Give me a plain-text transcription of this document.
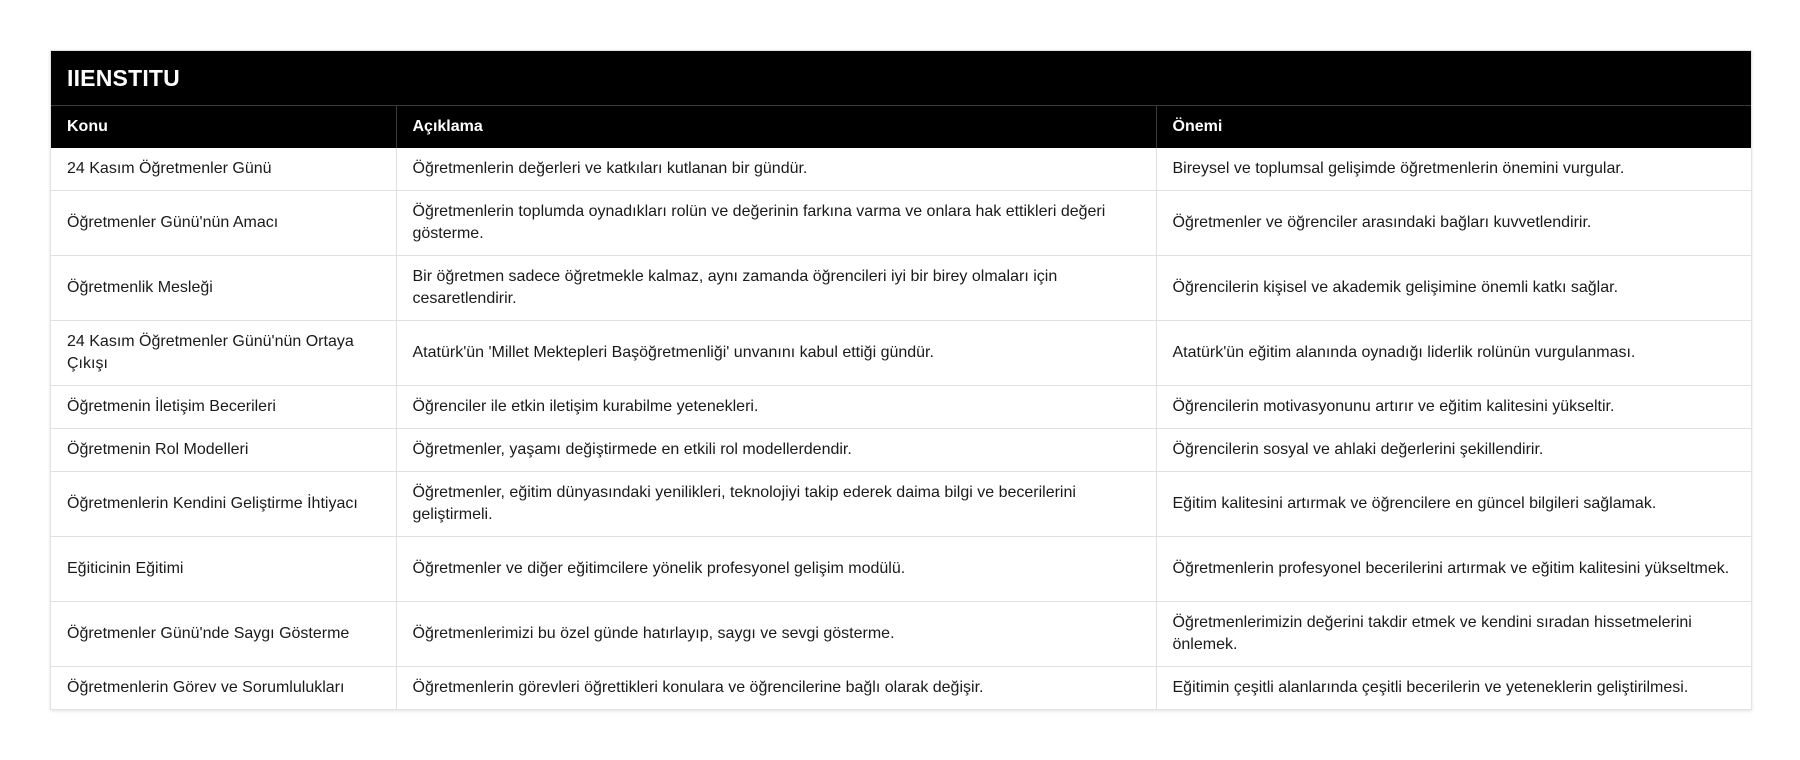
IIENSTITU
Konu	Açıklama	Önemi
24 Kasım Öğretmenler Günü	Öğretmenlerin değerleri ve katkıları kutlanan bir gündür.	Bireysel ve toplumsal gelişimde öğretmenlerin önemini vurgular.
Öğretmenler Günü'nün Amacı	Öğretmenlerin toplumda oynadıkları rolün ve değerinin farkına varma ve onlara hak ettikleri değeri gösterme.	Öğretmenler ve öğrenciler arasındaki bağları kuvvetlendirir.
Öğretmenlik Mesleği	Bir öğretmen sadece öğretmekle kalmaz, aynı zamanda öğrencileri iyi bir birey olmaları için cesaretlendirir.	Öğrencilerin kişisel ve akademik gelişimine önemli katkı sağlar.
24 Kasım Öğretmenler Günü'nün Ortaya Çıkışı	Atatürk'ün 'Millet Mektepleri Başöğretmenliği' unvanını kabul ettiği gündür.	Atatürk'ün eğitim alanında oynadığı liderlik rolünün vurgulanması.
Öğretmenin İletişim Becerileri	Öğrenciler ile etkin iletişim kurabilme yetenekleri.	Öğrencilerin motivasyonunu artırır ve eğitim kalitesini yükseltir.
Öğretmenin Rol Modelleri	Öğretmenler, yaşamı değiştirmede en etkili rol modellerdendir.	Öğrencilerin sosyal ve ahlaki değerlerini şekillendirir.
Öğretmenlerin Kendini Geliştirme İhtiyacı	Öğretmenler, eğitim dünyasındaki yenilikleri, teknolojiyi takip ederek daima bilgi ve becerilerini geliştirmeli.	Eğitim kalitesini artırmak ve öğrencilere en güncel bilgileri sağlamak.
Eğiticinin Eğitimi	Öğretmenler ve diğer eğitimcilere yönelik profesyonel gelişim modülü.	Öğretmenlerin profesyonel becerilerini artırmak ve eğitim kalitesini yükseltmek.
Öğretmenler Günü'nde Saygı Gösterme	Öğretmenlerimizi bu özel günde hatırlayıp, saygı ve sevgi gösterme.	Öğretmenlerimizin değerini takdir etmek ve kendini sıradan hissetmelerini önlemek.
Öğretmenlerin Görev ve Sorumlulukları	Öğretmenlerin görevleri öğrettikleri konulara ve öğrencilerine bağlı olarak değişir.	Eğitimin çeşitli alanlarında çeşitli becerilerin ve yeteneklerin geliştirilmesi.
